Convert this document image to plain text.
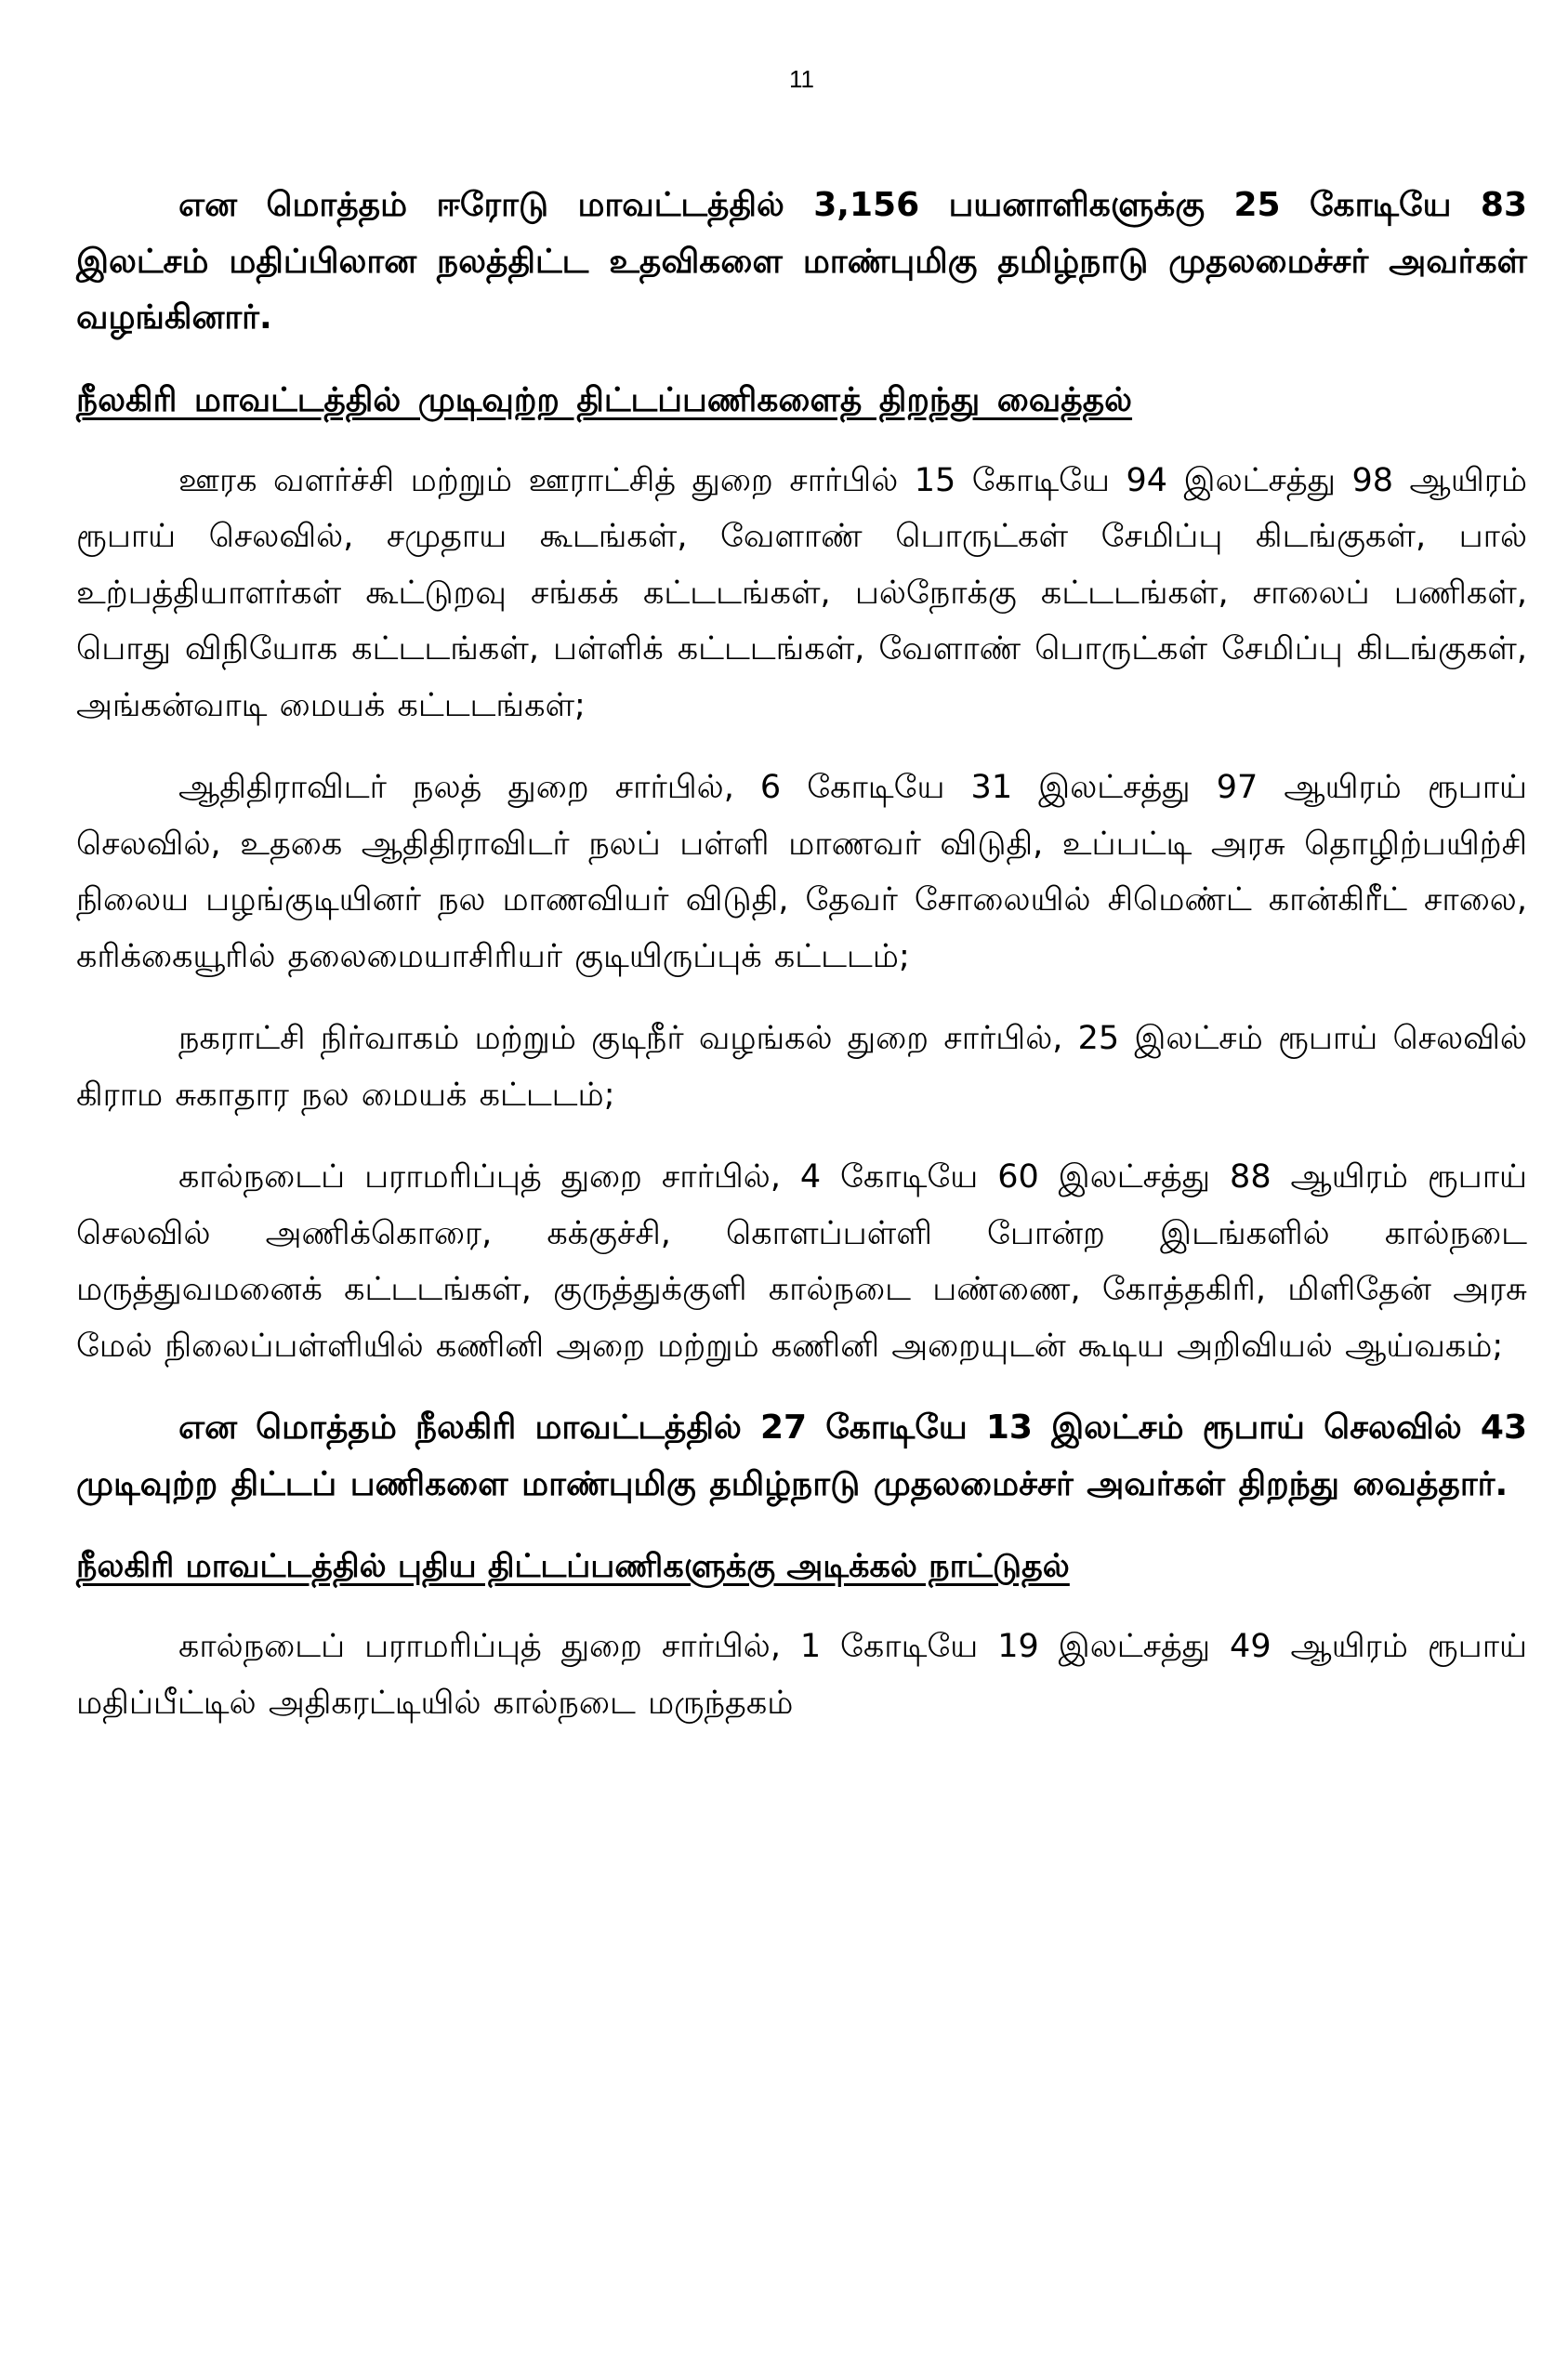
11

என மொத்தம் ஈரோடு மாவட்டத்தில் 3,156 பயனாளிகளுக்கு 25 கோடியே 83 இலட்சம் மதிப்பிலான நலத்திட்ட உதவிகளை மாண்புமிகு தமிழ்நாடு முதலமைச்சர் அவர்கள் வழங்கினார்.

நீலகிரி மாவட்டத்தில் முடிவுற்ற திட்டப்பணிகளைத் திறந்து வைத்தல்

ஊரக வளர்ச்சி மற்றும் ஊராட்சித் துறை சார்பில் 15 கோடியே 94 இலட்சத்து 98 ஆயிரம் ரூபாய் செலவில், சமுதாய கூடங்கள், வேளாண் பொருட்கள் சேமிப்பு கிடங்குகள், பால் உற்பத்தியாளர்கள் கூட்டுறவு சங்கக் கட்டடங்கள், பல்நோக்கு கட்டடங்கள், சாலைப் பணிகள், பொது விநியோக கட்டடங்கள், பள்ளிக் கட்டடங்கள், வேளாண் பொருட்கள் சேமிப்பு கிடங்குகள், அங்கன்வாடி மையக் கட்டடங்கள்;

ஆதிதிராவிடர் நலத் துறை சார்பில், 6 கோடியே 31 இலட்சத்து 97 ஆயிரம் ரூபாய் செலவில், உதகை ஆதிதிராவிடர் நலப் பள்ளி மாணவர் விடுதி, உப்பட்டி அரசு தொழிற்பயிற்சி நிலைய பழங்குடியினர் நல மாணவியர் விடுதி, தேவர் சோலையில் சிமெண்ட் கான்கிரீட் சாலை, கரிக்கையூரில் தலைமையாசிரியர் குடியிருப்புக் கட்டடம்;

நகராட்சி நிர்வாகம் மற்றும் குடிநீர் வழங்கல் துறை சார்பில், 25 இலட்சம் ரூபாய் செலவில் கிராம சுகாதார நல மையக் கட்டடம்;

கால்நடைப் பராமரிப்புத் துறை சார்பில், 4 கோடியே 60 இலட்சத்து 88 ஆயிரம் ரூபாய் செலவில் அணிக்கொரை, கக்குச்சி, கொளப்பள்ளி போன்ற இடங்களில் கால்நடை மருத்துவமனைக் கட்டடங்கள், குருத்துக்குளி கால்நடை பண்ணை, கோத்தகிரி, மிளிதேன் அரசு மேல் நிலைப்பள்ளியில் கணினி அறை மற்றும் கணினி அறையுடன் கூடிய அறிவியல் ஆய்வகம்;

என மொத்தம் நீலகிரி மாவட்டத்தில் 27 கோடியே 13 இலட்சம் ரூபாய் செலவில் 43 முடிவுற்ற திட்டப் பணிகளை மாண்புமிகு தமிழ்நாடு முதலமைச்சர் அவர்கள் திறந்து வைத்தார்.

நீலகிரி மாவட்டத்தில் புதிய திட்டப்பணிகளுக்கு அடிக்கல் நாட்டுதல்

கால்நடைப் பராமரிப்புத் துறை சார்பில், 1 கோடியே 19 இலட்சத்து 49 ஆயிரம் ரூபாய் மதிப்பீட்டில் அதிகரட்டியில் கால்நடை மருந்தகம்
